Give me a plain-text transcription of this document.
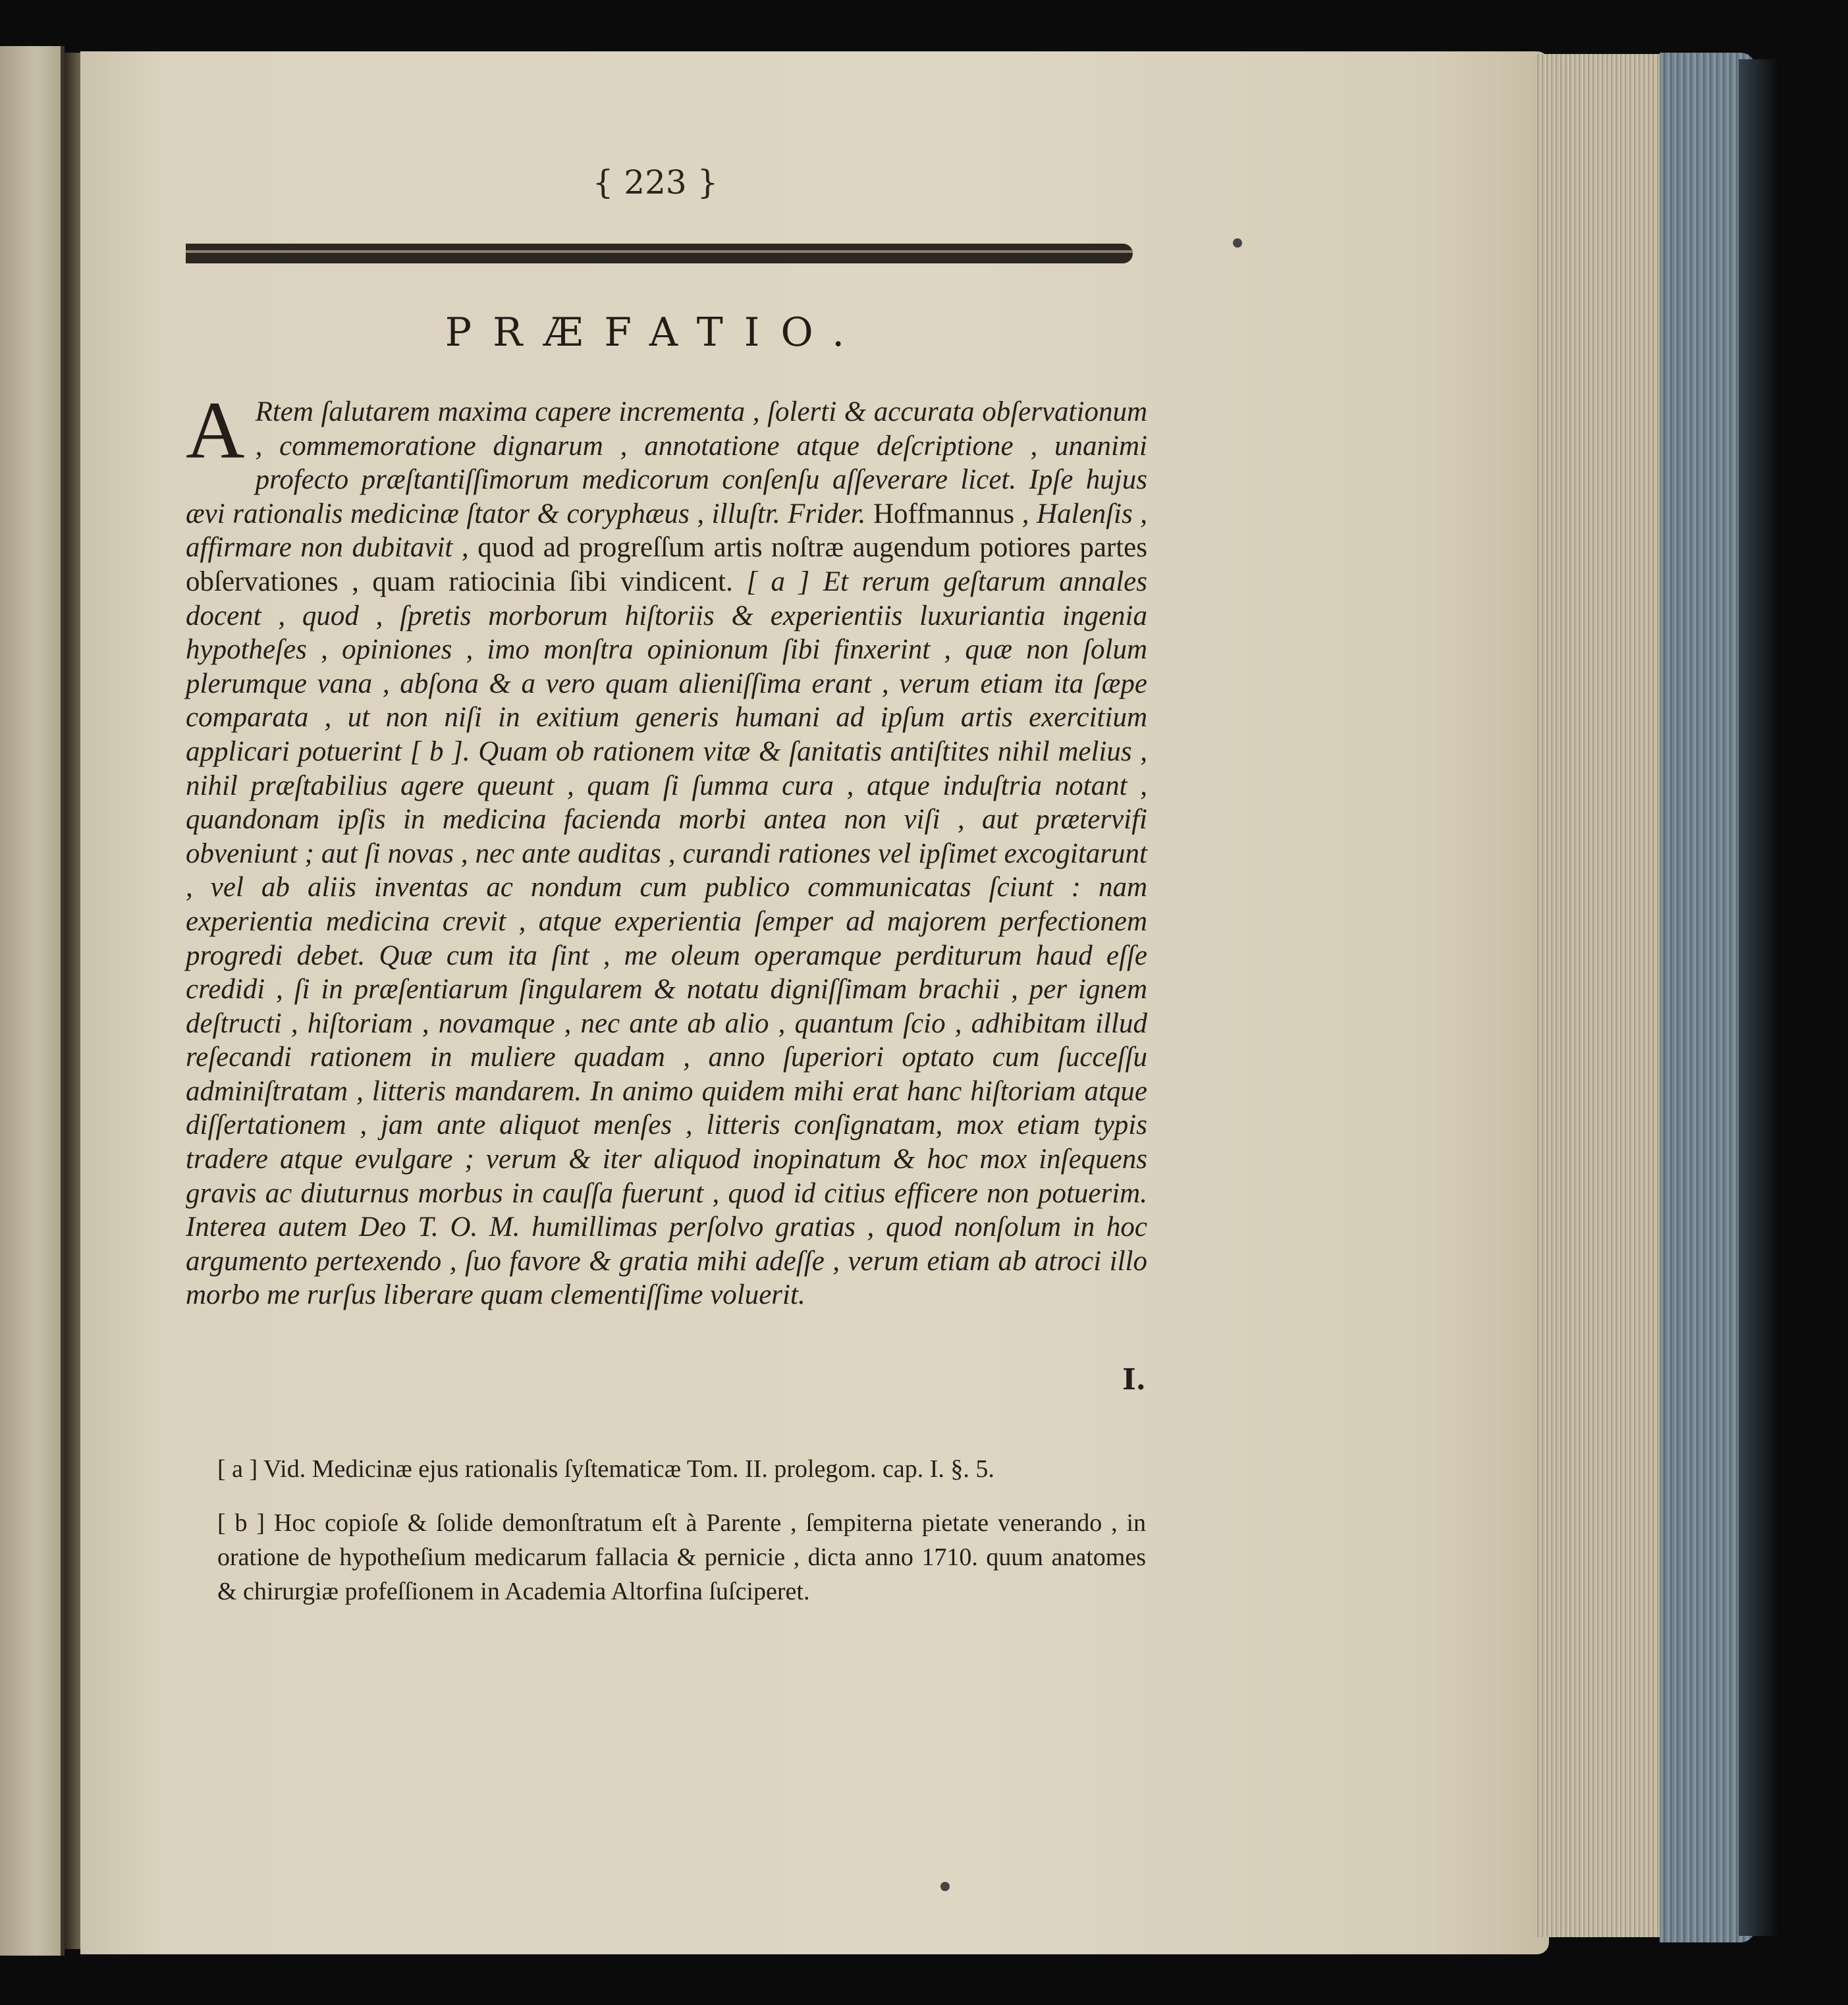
{ 223 }
PRÆFATIO.
A Rtem ſalutarem maxima capere incrementa , ſolerti & accurata obſervationum , commemoratione dignarum , annotatione atque deſcriptione , unanimi profecto præſtantiſſimorum medicorum conſenſu aſſeverare licet. Ipſe hujus ævi rationalis medicinæ ſtator & coryphæus , illuſtr. Frider. Hoffmannus , Halenſis , affirmare non dubitavit , quod ad progreſſum artis noſtræ augendum potiores partes obſervationes , quam ratiocinia ſibi vindicent. [ a ] Et rerum geſtarum annales docent , quod , ſpretis morborum hiſtoriis & experientiis luxuriantia ingenia hypotheſes , opiniones , imo monſtra opinionum ſibi finxerint , quæ non ſolum plerumque vana , abſona & a vero quam alieniſſima erant , verum etiam ita ſæpe comparata , ut non niſi in exitium generis humani ad ipſum artis exercitium applicari potuerint [ b ]. Quam ob rationem vitæ & ſanitatis antiſtites nihil melius , nihil præſtabilius agere queunt , quam ſi ſumma cura , atque induſtria notant , quandonam ipſis in medicina facienda morbi antea non viſi , aut prætervifi obveniunt ; aut ſi novas , nec ante auditas , curandi rationes vel ipſimet excogitarunt , vel ab aliis inventas ac nondum cum publico communicatas ſciunt : nam experientia medicina crevit , atque experientia ſemper ad majorem perfectionem progredi debet. Quæ cum ita ſint , me oleum operamque perditurum haud eſſe credidi , ſi in præſentiarum ſingularem & notatu digniſſimam brachii , per ignem deſtructi , hiſtoriam , novamque , nec ante ab alio , quantum ſcio , adhibitam illud reſecandi rationem in muliere quadam , anno ſuperiori optato cum ſucceſſu adminiſtratam , litteris mandarem. In animo quidem mihi erat hanc hiſtoriam atque diſſertationem , jam ante aliquot menſes , litteris conſignatam, mox etiam typis tradere atque evulgare ; verum & iter aliquod inopinatum & hoc mox inſequens gravis ac diuturnus morbus in cauſſa fuerunt , quod id citius efficere non potuerim. Interea autem Deo T. O. M. humillimas perſolvo gratias , quod nonſolum in hoc argumento pertexendo , ſuo favore & gratia mihi adeſſe , verum etiam ab atroci illo morbo me rurſus liberare quam clementiſſime voluerit.
I.
[ a ] Vid. Medicinæ ejus rationalis ſyſtematicæ Tom. II. prolegom. cap. I. §. 5.
[ b ] Hoc copioſe & ſolide demonſtratum eſt à Parente , ſempiterna pietate venerando , in oratione de hypotheſium medicarum fallacia & pernicie , dicta anno 1710. quum anatomes & chirurgiæ profeſſionem in Academia Altorfina ſuſciperet.
